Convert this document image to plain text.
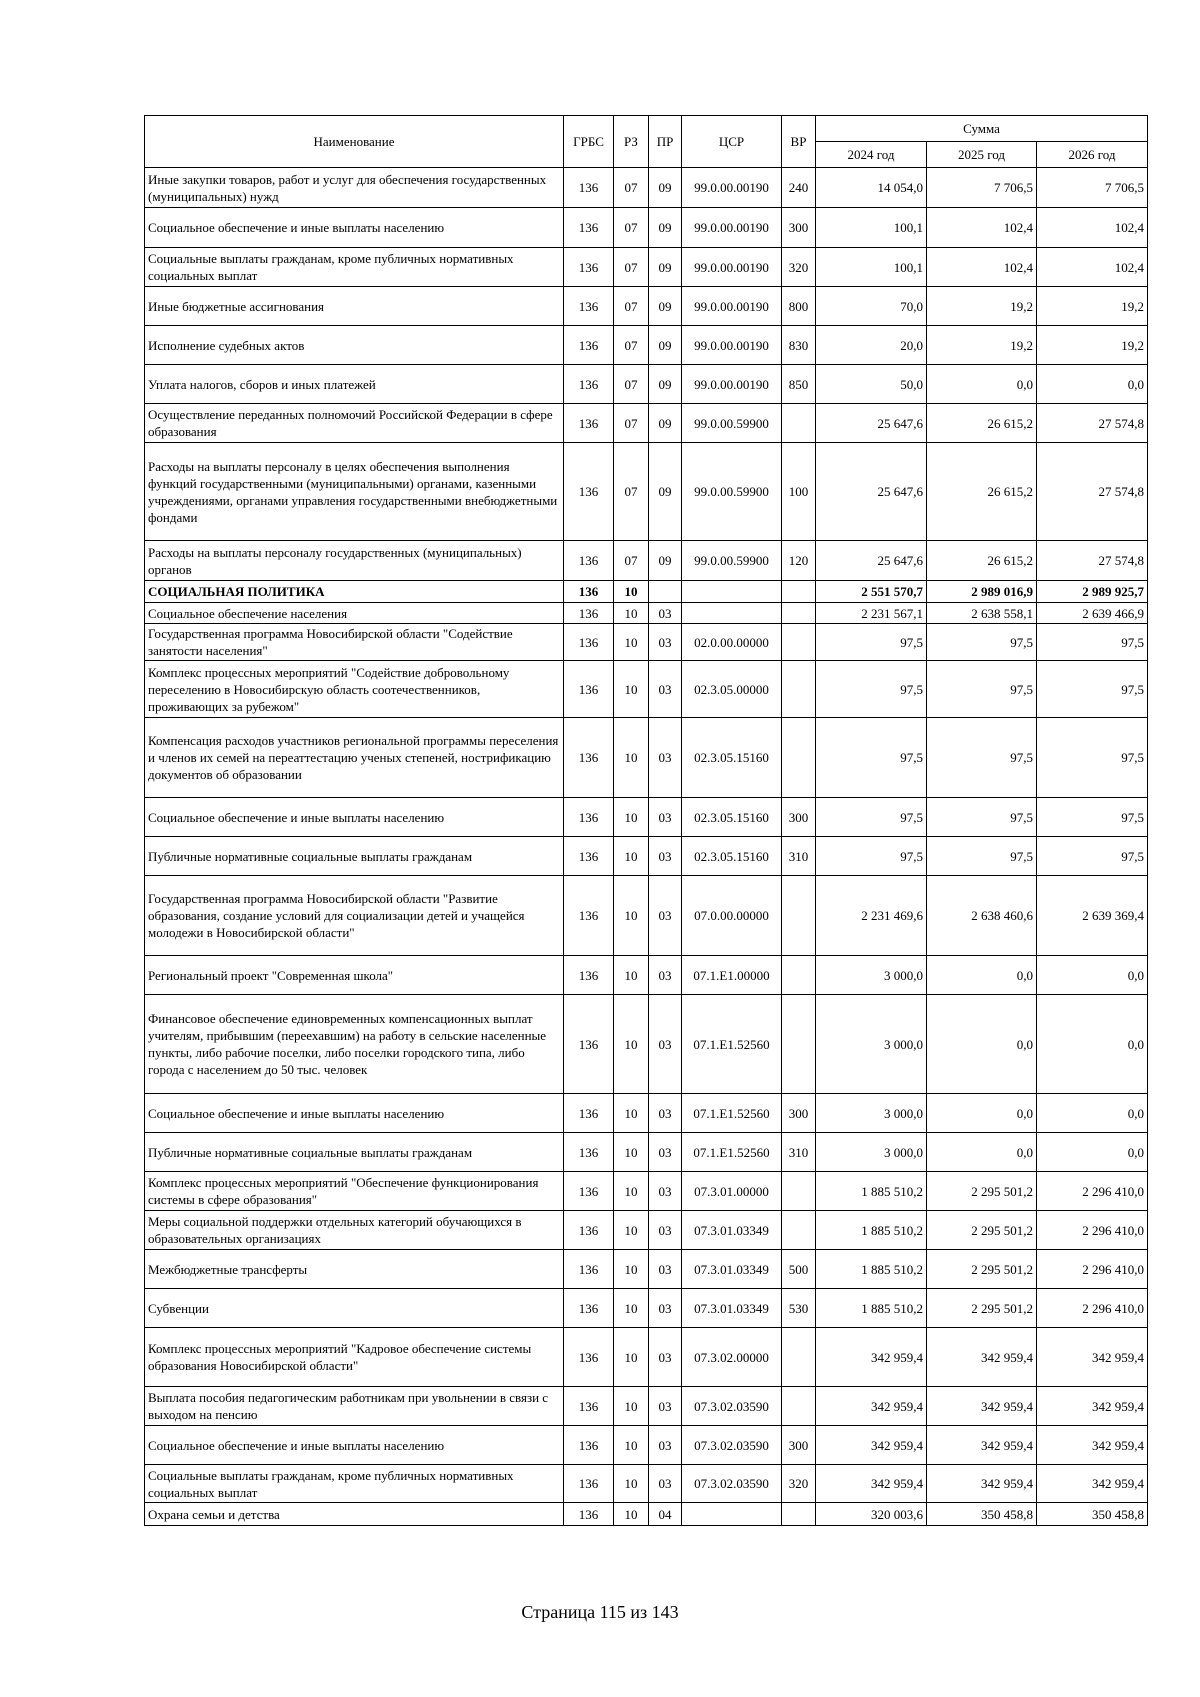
Наименование	ГРБС	РЗ	ПР	ЦСР	ВР	Сумма		
						2024 год	2025 год	2026 год
Иные закупки товаров, работ и услуг для обеспечения государственных (муниципальных) нужд	136	07	09	99.0.00.00190	240	14 054,0	7 706,5	7 706,5
Социальное обеспечение и иные выплаты населению	136	07	09	99.0.00.00190	300	100,1	102,4	102,4
Социальные выплаты гражданам, кроме публичных нормативных социальных выплат	136	07	09	99.0.00.00190	320	100,1	102,4	102,4
Иные бюджетные ассигнования	136	07	09	99.0.00.00190	800	70,0	19,2	19,2
Исполнение судебных актов	136	07	09	99.0.00.00190	830	20,0	19,2	19,2
Уплата налогов, сборов и иных платежей	136	07	09	99.0.00.00190	850	50,0	0,0	0,0
Осуществление переданных полномочий Российской Федерации в сфере образования	136	07	09	99.0.00.59900		25 647,6	26 615,2	27 574,8
Расходы на выплаты персоналу в целях обеспечения выполнения функций государственными (муниципальными) органами, казенными учреждениями, органами управления государственными внебюджетными фондами	136	07	09	99.0.00.59900	100	25 647,6	26 615,2	27 574,8
Расходы на выплаты персоналу государственных (муниципальных) органов	136	07	09	99.0.00.59900	120	25 647,6	26 615,2	27 574,8
СОЦИАЛЬНАЯ ПОЛИТИКА	136	10				2 551 570,7	2 989 016,9	2 989 925,7
Социальное обеспечение населения	136	10	03			2 231 567,1	2 638 558,1	2 639 466,9
Государственная программа Новосибирской области "Содействие занятости населения"	136	10	03	02.0.00.00000		97,5	97,5	97,5
Комплекс процессных мероприятий "Содействие добровольному переселению в Новосибирскую область соотечественников, проживающих за рубежом"	136	10	03	02.3.05.00000		97,5	97,5	97,5
Компенсация расходов участников региональной программы переселения и членов их семей на переаттестацию ученых степеней, нострификацию документов об образовании	136	10	03	02.3.05.15160		97,5	97,5	97,5
Социальное обеспечение и иные выплаты населению	136	10	03	02.3.05.15160	300	97,5	97,5	97,5
Публичные нормативные социальные выплаты гражданам	136	10	03	02.3.05.15160	310	97,5	97,5	97,5
Государственная программа Новосибирской области "Развитие образования, создание условий для социализации детей и учащейся молодежи в Новосибирской области"	136	10	03	07.0.00.00000		2 231 469,6	2 638 460,6	2 639 369,4
Региональный проект "Современная школа"	136	10	03	07.1.Е1.00000		3 000,0	0,0	0,0
Финансовое обеспечение единовременных компенсационных выплат учителям, прибывшим (переехавшим) на работу в сельские населенные пункты, либо рабочие поселки, либо поселки городского типа, либо города с населением до 50 тыс. человек	136	10	03	07.1.Е1.52560		3 000,0	0,0	0,0
Социальное обеспечение и иные выплаты населению	136	10	03	07.1.Е1.52560	300	3 000,0	0,0	0,0
Публичные нормативные социальные выплаты гражданам	136	10	03	07.1.Е1.52560	310	3 000,0	0,0	0,0
Комплекс процессных мероприятий "Обеспечение функционирования системы в сфере образования"	136	10	03	07.3.01.00000		1 885 510,2	2 295 501,2	2 296 410,0
Меры социальной поддержки отдельных категорий обучающихся в образовательных организациях	136	10	03	07.3.01.03349		1 885 510,2	2 295 501,2	2 296 410,0
Межбюджетные трансферты	136	10	03	07.3.01.03349	500	1 885 510,2	2 295 501,2	2 296 410,0
Субвенции	136	10	03	07.3.01.03349	530	1 885 510,2	2 295 501,2	2 296 410,0
Комплекс процессных мероприятий "Кадровое обеспечение системы образования Новосибирской области"	136	10	03	07.3.02.00000		342 959,4	342 959,4	342 959,4
Выплата пособия педагогическим работникам при увольнении в связи с выходом на пенсию	136	10	03	07.3.02.03590		342 959,4	342 959,4	342 959,4
Социальное обеспечение и иные выплаты населению	136	10	03	07.3.02.03590	300	342 959,4	342 959,4	342 959,4
Социальные выплаты гражданам, кроме публичных нормативных социальных выплат	136	10	03	07.3.02.03590	320	342 959,4	342 959,4	342 959,4
Охрана семьи и детства	136	10	04			320 003,6	350 458,8	350 458,8
Страница 115 из 143
